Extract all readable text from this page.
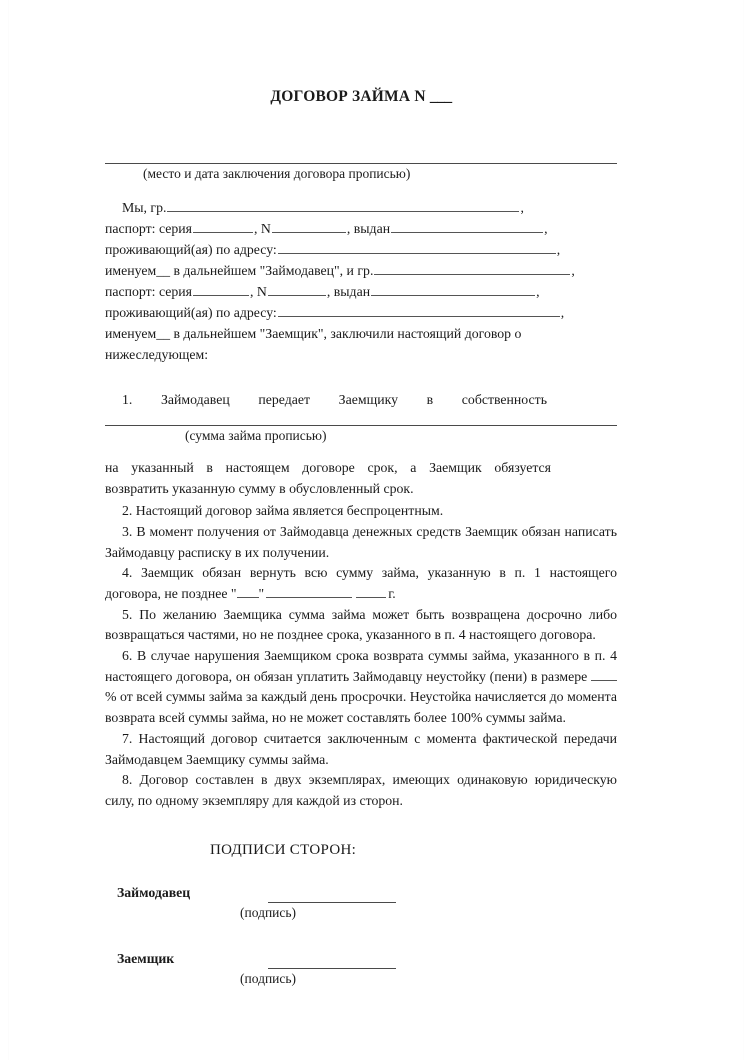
ДОГОВОР ЗАЙМА N ___
(место и дата заключения договора прописью)
Мы, гр.	,
паспорт: серия	, N	, выдан	,
проживающий(ая) по адресу:	,
именуем__ в дальнейшем "Займодавец", и гр.	,
паспорт: серия	, N	, выдан	,
проживающий(ая) по адресу:	,
именуем__ в дальнейшем "Заемщик", заключили настоящий договор о
нижеследующем:
1. Займодавец передает Заемщику в собственность
(сумма займа прописью)
на указанный в настоящем договоре срок, а Заемщик обязуется
возвратить указанную сумму в обусловленный срок.

2. Настоящий договор займа является беспроцентным.

3. В момент получения от Займодавца денежных средств Заемщик обязан написать Займодавцу расписку в их получении.

4. Заемщик обязан вернуть всю сумму займа, указанную в п. 1 настоящего договора, не позднее " "	г.

5. По желанию Заемщика сумма займа может быть возвращена досрочно либо возвращаться частями, но не позднее срока, указанного в п. 4 настоящего договора.

6. В случае нарушения Заемщиком срока возврата суммы займа, указанного в п. 4 настоящего договора, он обязан уплатить Займодавцу неустойку (пени) в размере % от всей суммы займа за каждый день просрочки. Неустойка начисляется до момента возврата всей суммы займа, но не может составлять более 100% суммы займа.

7. Настоящий договор считается заключенным с момента фактической передачи Займодавцем Заемщику суммы займа.

8. Договор составлен в двух экземплярах, имеющих одинаковую юридическую силу, по одному экземпляру для каждой из сторон.

ПОДПИСИ СТОРОН:
Займодавец
(подпись)
Заемщик
(подпись)
